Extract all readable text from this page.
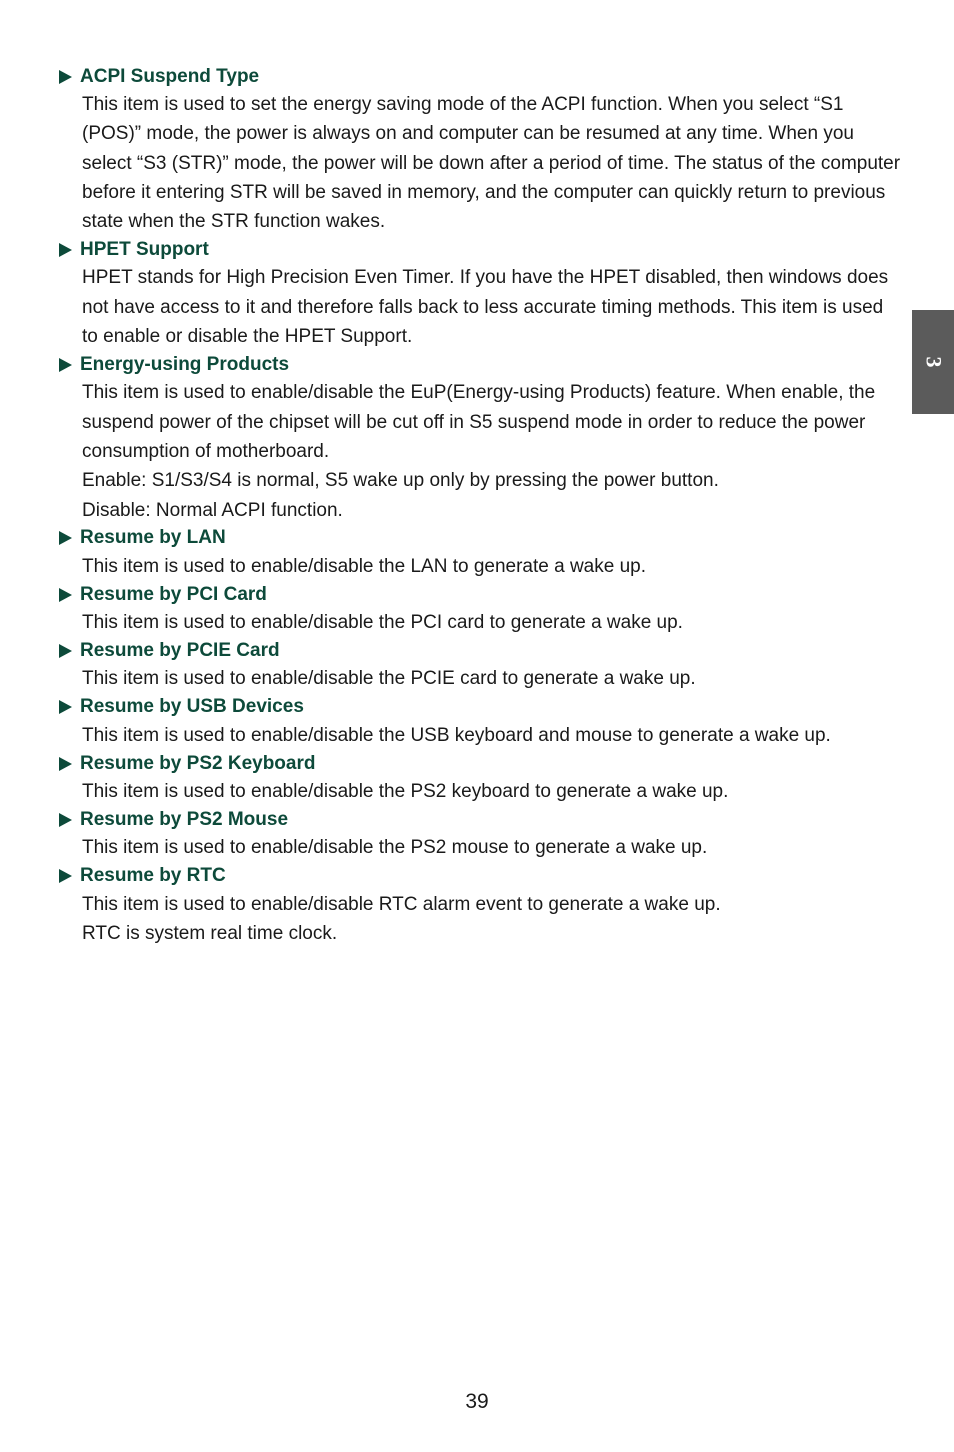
ACPI Suspend Type

This item is used to set the energy saving mode of the ACPI function. When you select “S1 (POS)” mode, the power is always on and computer can be resumed at any time. When you select “S3 (STR)” mode, the power will be down after a period of time. The status of the computer before it entering STR will be saved in memory, and the computer can quickly return to previous state when the STR function wakes.

HPET Support

HPET stands for High Precision Even Timer. If you have the HPET disabled, then windows does not have access to it and therefore falls back to less accurate timing methods. This item is used to enable or disable the HPET Support.

Energy-using Products

This item is used to enable/disable the EuP(Energy-using Products) feature. When enable, the suspend power of the chipset will be cut off in S5 suspend mode in order to reduce the power consumption of motherboard.

Enable: S1/S3/S4 is normal, S5 wake up only by pressing the power button.

Disable: Normal ACPI function.

Resume by LAN

This item is used to enable/disable the LAN to generate a wake up.

Resume by PCI Card

This item is used to enable/disable the PCI card to generate a wake up.

Resume by PCIE Card

This item is used to enable/disable the PCIE card to generate a wake up.

Resume by USB Devices

This item is used to enable/disable the USB keyboard and mouse to generate a wake up.

Resume by PS2 Keyboard

This item is used to enable/disable the PS2 keyboard to generate a wake up.

Resume by PS2 Mouse

This item is used to enable/disable the PS2 mouse to generate a wake up.

Resume by RTC

This item is used to enable/disable RTC alarm event to generate a wake up.

RTC is system real time clock.

3
39
